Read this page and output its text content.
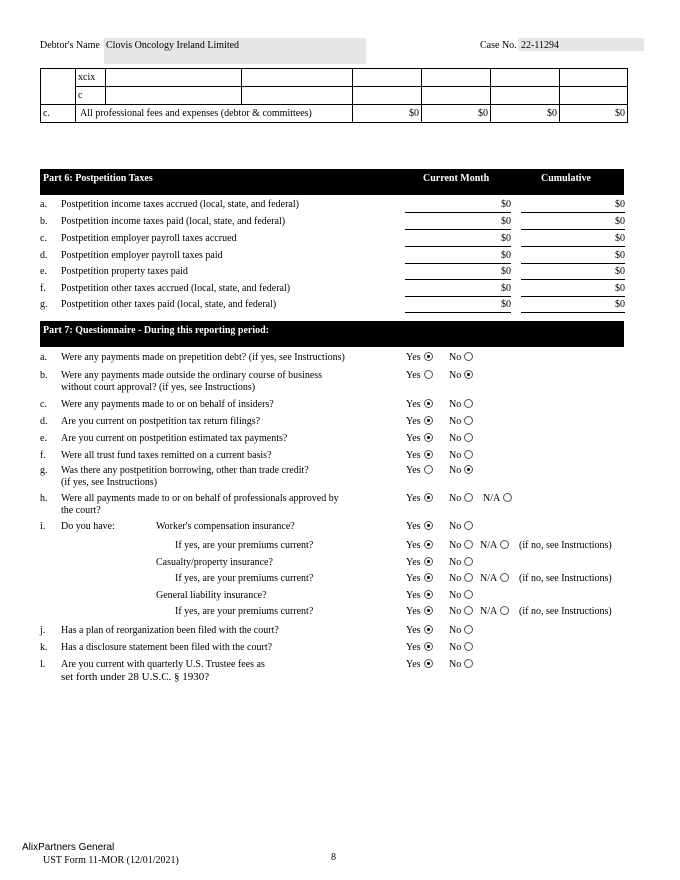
Debtor's Name Clovis Oncology Ireland Limited	Case No. 22-11294
	xcix						
	c						
c.	All professional fees and expenses (debtor & committees)			$0	$0	$0	$0
Part 6: Postpetition Taxes	Current Month	Cumulative
a. Postpetition income taxes accrued (local, state, and federal)	$0	$0
b. Postpetition income taxes paid (local, state, and federal)	$0	$0
c. Postpetition employer payroll taxes accrued	$0	$0
d. Postpetition employer payroll taxes paid	$0	$0
e. Postpetition property taxes paid	$0	$0
f. Postpetition other taxes accrued (local, state, and federal)	$0	$0
g. Postpetition other taxes paid (local, state, and federal)	$0	$0
Part 7: Questionnaire - During this reporting period:
a. Were any payments made on prepetition debt? (if yes, see Instructions)	Yes	No
b. Were any payments made outside the ordinary course of business
without court approval? (if yes, see Instructions)
Yes	No
c. Were any payments made to or on behalf of insiders?	Yes	No
d. Are you current on postpetition tax return filings?	Yes	No
e. Are you current on postpetition estimated tax payments?	Yes	No
f. Were all trust fund taxes remitted on a current basis?	Yes	No
g. Was there any postpetition borrowing, other than trade credit?
(if yes, see Instructions)
Yes	No
h. Were all payments made to or on behalf of professionals approved by
the court?
Yes	No	N/A
i. Do you have:	Worker's compensation insurance?	Yes	No
If yes, are your premiums current?	Yes	No	N/A	(if no, see Instructions)
Casualty/property insurance?	Yes	No
If yes, are your premiums current?	Yes	No	N/A	(if no, see Instructions)
General liability insurance?	Yes	No
If yes, are your premiums current?	Yes	No	N/A	(if no, see Instructions)
j. Has a plan of reorganization been filed with the court?	Yes	No
k. Has a disclosure statement been filed with the court?	Yes	No
l. Are you current with quarterly U.S. Trustee fees as
set forth under 28 U.S.C. § 1930?
Yes	No
AlixPartners General
UST Form 11-MOR (12/01/2021)	8
